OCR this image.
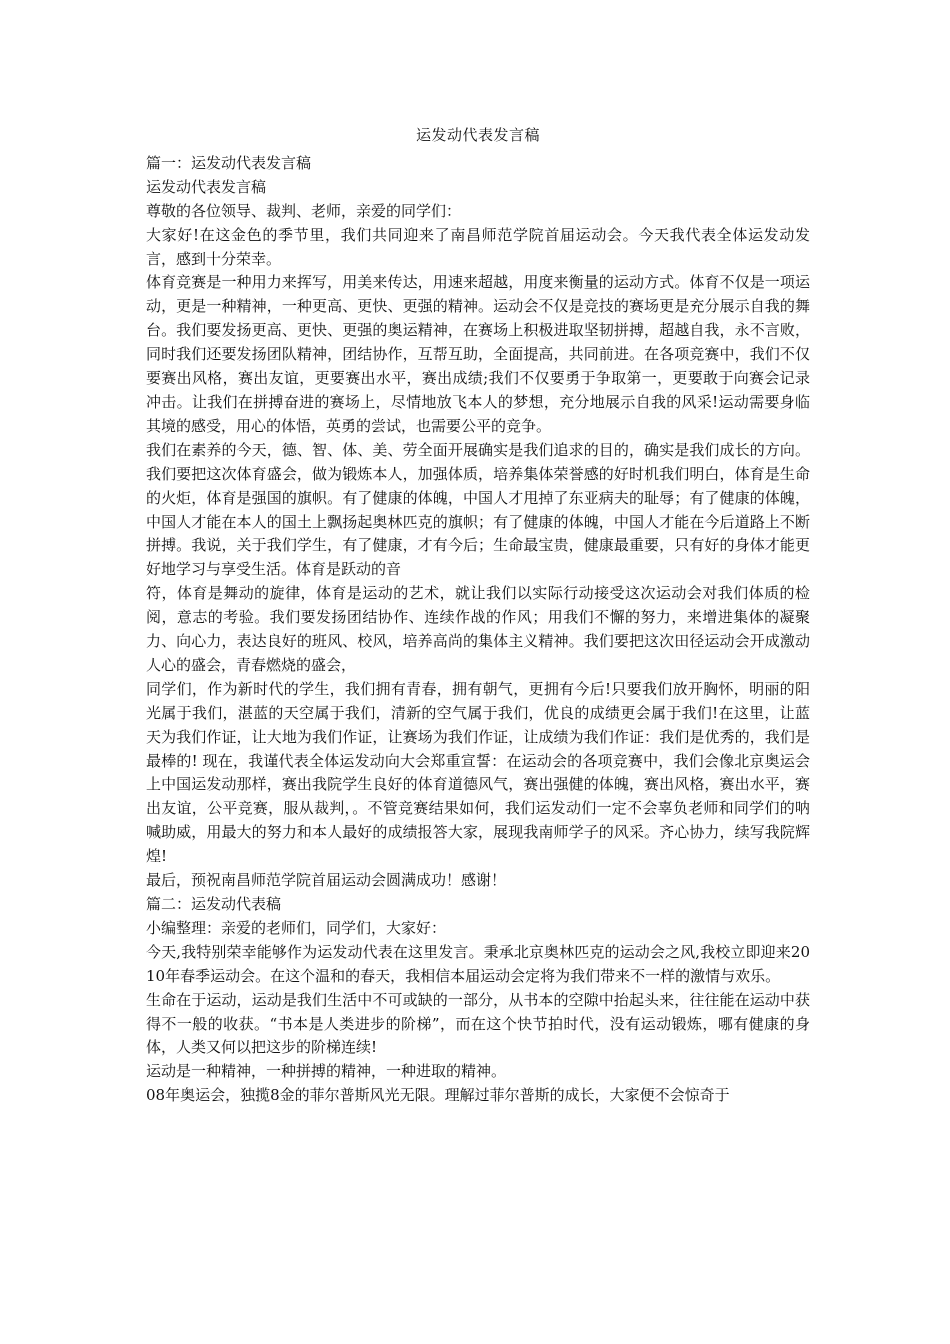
运发动代表发言稿

篇一：运发动代表发言稿

运发动代表发言稿

尊敬的各位领导、裁判、老师，亲爱的同学们：

大家好!在这金色的季节里，我们共同迎来了南昌师范学院首届运动会。今天我代表全体运发动发言，感到十分荣幸。

体育竞赛是一种用力来挥写，用美来传达，用速来超越，用度来衡量的运动方式。体育不仅是一项运动，更是一种精神，一种更高、更快、更强的精神。运动会不仅是竞技的赛场更是充分展示自我的舞台。我们要发扬更高、更快、更强的奥运精神，在赛场上积极进取坚韧拼搏，超越自我，永不言败，同时我们还要发扬团队精神，团结协作，互帮互助，全面提高，共同前进。在各项竞赛中，我们不仅要赛出风格，赛出友谊，更要赛出水平，赛出成绩;我们不仅要勇于争取第一，更要敢于向赛会记录冲击。让我们在拼搏奋进的赛场上，尽情地放飞本人的梦想，充分地展示自我的风采!运动需要身临其境的感受，用心的体悟，英勇的尝试，也需要公平的竞争。

我们在素养的今天，德、智、体、美、劳全面开展确实是我们追求的目的，确实是我们成长的方向。我们要把这次体育盛会，做为锻炼本人，加强体质，培养集体荣誉感的好时机我们明白，体育是生命的火炬，体育是强国的旗帜。有了健康的体魄，中国人才甩掉了东亚病夫的耻辱；有了健康的体魄，中国人才能在本人的国土上飘扬起奥林匹克的旗帜；有了健康的体魄，中国人才能在今后道路上不断拼搏。我说，关于我们学生，有了健康，才有今后；生命最宝贵，健康最重要，只有好的身体才能更好地学习与享受生活。体育是跃动的音

符，体育是舞动的旋律，体育是运动的艺术，就让我们以实际行动接受这次运动会对我们体质的检阅，意志的考验。我们要发扬团结协作、连续作战的作风；用我们不懈的努力，来增进集体的凝聚力、向心力，表达良好的班风、校风，培养高尚的集体主义精神。我们要把这次田径运动会开成激动人心的盛会，青春燃烧的盛会，

同学们，作为新时代的学生，我们拥有青春，拥有朝气，更拥有今后!只要我们放开胸怀，明丽的阳光属于我们，湛蓝的天空属于我们，清新的空气属于我们，优良的成绩更会属于我们!在这里，让蓝天为我们作证，让大地为我们作证，让赛场为我们作证，让成绩为我们作证：我们是优秀的，我们是最棒的! 现在，我谨代表全体运发动向大会郑重宣誓：在运动会的各项竞赛中，我们会像北京奥运会上中国运发动那样，赛出我院学生良好的体育道德风气，赛出强健的体魄，赛出风格，赛出水平，赛出友谊，公平竞赛，服从裁判，。不管竞赛结果如何，我们运发动们一定不会辜负老师和同学们的呐喊助威，用最大的努力和本人最好的成绩报答大家，展现我南师学子的风采。齐心协力，续写我院辉煌!

最后，预祝南昌师范学院首届运动会圆满成功！感谢！

篇二：运发动代表稿

小编整理：亲爱的老师们，同学们，大家好：

今天,我特别荣幸能够作为运发动代表在这里发言。秉承北京奥林匹克的运动会之风,我校立即迎来2010年春季运动会。在这个温和的春天，我相信本届运动会定将为我们带来不一样的激情与欢乐。

生命在于运动，运动是我们生活中不可或缺的一部分，从书本的空隙中抬起头来，往往能在运动中获得不一般的收获。“书本是人类进步的阶梯”，而在这个快节拍时代，没有运动锻炼，哪有健康的身体，人类又何以把这步的阶梯连续!

运动是一种精神，一种拼搏的精神，一种进取的精神。

08年奥运会，独揽8金的菲尔普斯风光无限。理解过菲尔普斯的成长，大家便不会惊奇于
